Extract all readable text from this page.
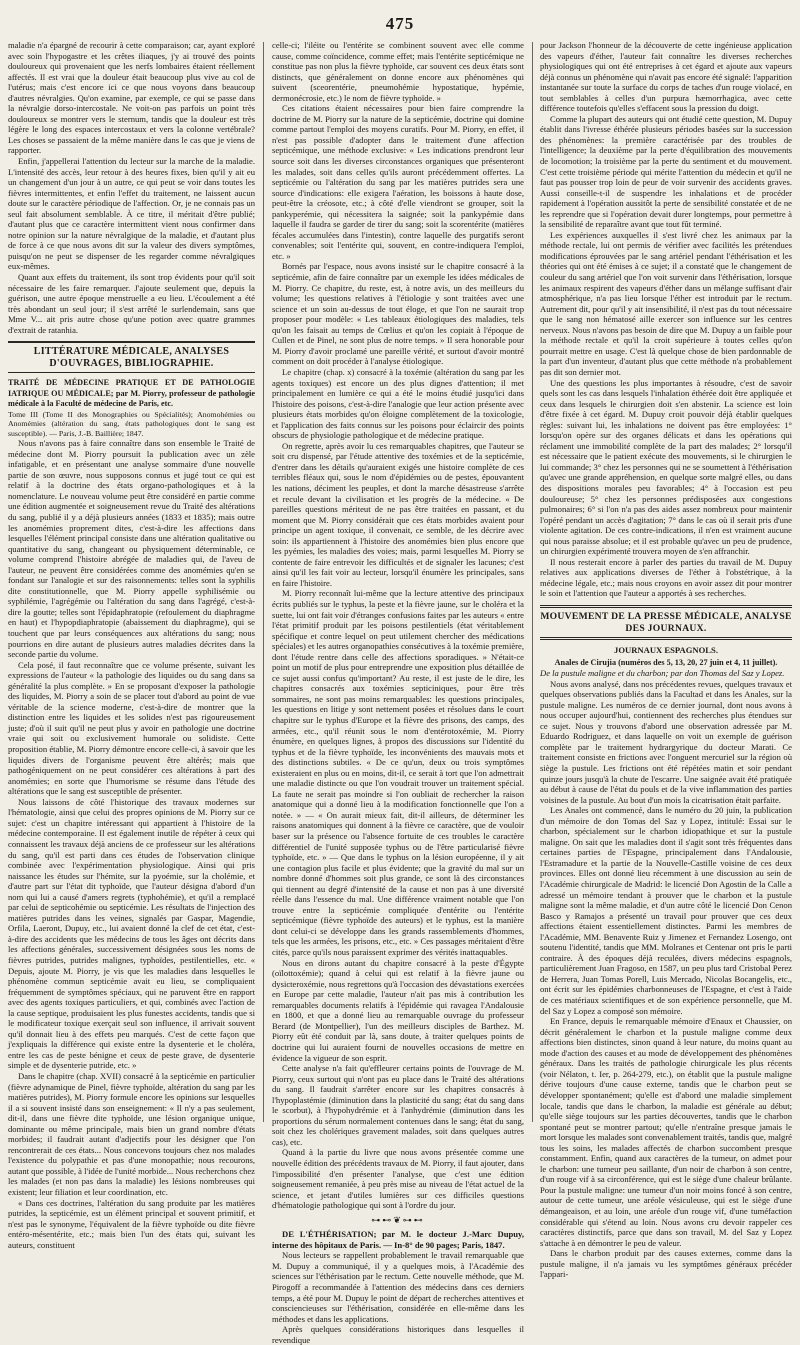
475

maladie n'a épargné de recourir à cette comparaison; car, ayant exploré avec soin l'hypogastre et les crêtes iliaques, j'y ai trouvé des points douloureux qui provenaient que les nerfs lombaires étaient réellement affectés. Il est vrai que la douleur était beaucoup plus vive au col de l'utérus; mais c'est encore ici ce que nous voyons dans beaucoup d'autres névralgies. Qu'on examine, par exemple, ce qui se passe dans la névralgie dorso-intercostale. Ne voit-on pas parfois un point très douloureux se montrer vers le sternum, tandis que la douleur est très légère le long des espaces intercostaux et vers la colonne vertébrale? Les choses se passaient de la même manière dans le cas que je viens de rapporter.

Enfin, j'appellerai l'attention du lecteur sur la marche de la maladie. L'intensité des accès, leur retour à des heures fixes, bien qu'il y ait eu un changement d'un jour à un autre, ce qui peut se voir dans toutes les fièvres intermittentes, et enfin l'effet du traitement, ne laissent aucun doute sur le caractère périodique de l'affection. Or, je ne connais pas un seul fait absolument semblable. À ce titre, il méritait d'être publié; d'autant plus que ce caractère intermittent vient nous confirmer dans notre opinion sur la nature névralgique de la maladie, et d'autant plus de force à ce que nous avons dit sur la valeur des divers symptômes, puisqu'on ne peut se dispenser de les regarder comme névralgiques eux-mêmes.

Quant aux effets du traitement, ils sont trop évidents pour qu'il soit nécessaire de les faire remarquer. J'ajoute seulement que, depuis la guérison, une autre époque menstruelle a eu lieu. L'écoulement a été très abondant un seul jour; il s'est arrêté le surlendemain, sans que Mme V... ait pris autre chose qu'une potion avec quatre grammes d'extrait de ratanhia.

LITTÉRATURE MÉDICALE, ANALYSES D'OUVRAGES, BIBLIOGRAPHIE.

TRAITÉ DE MÉDECINE PRATIQUE ET DE PATHOLOGIE IATRIQUE OU MÉDICALE; par M. Piorry, professeur de pathologie médicale à la Faculté de médecine de Paris, etc.

Tome III (Tome II des Monographies ou Spécialités); Anomohémies ou Anomémies (altération du sang, états pathologiques dont le sang est susceptible). — Paris, J.-B. Baillière; 1847.

Nous n'avons pas à faire connaître dans son ensemble le Traité de médecine dont M. Piorry poursuit la publication avec un zèle infatigable, et en présentant une analyse sommaire d'une nouvelle partie de son œuvre, nous supposons connus et jugé tout ce qui est relatif à la doctrine des états organo-pathologiques et à la nomenclature. Le nouveau volume peut être considéré en partie comme une édition augmentée et soigneusement revue du Traité des altérations du sang, publié il y a déjà plusieurs années (1833 et 1835); mais outre les anomémies proprement dites, c'est-à-dire les affections dans lesquelles l'élément principal consiste dans une altération qualitative ou quantitative du sang, changeant ou physiquement déterminable, ce volume comprend l'histoire abrégée de maladies qui, de l'aveu de l'auteur, ne peuvent être considérées comme des anomémies qu'en se fondant sur l'analogie et sur des raisonnements: telles sont la syphilis dite constitutionnelle, que M. Piorry appelle syphilisémie ou syphilémie, l'agrégémie ou l'altération du sang dans l'agrégé, c'est-à-dire la goutte; telles sont l'épidaphratopie (refoulement du diaphragme en haut) et l'hypopdiaphratopie (abaissement du diaphragme), qui se touchent que par leurs conséquences aux altérations du sang; nous pourrions en dire autant de plusieurs autres maladies décrites dans la seconde partie du volume.

Cela posé, il faut reconnaître que ce volume présente, suivant les expressions de l'auteur « la pathologie des liquides ou du sang dans sa généralité la plus complète. » En se proposant d'exposer la pathologie des liquides, M. Piorry a soin de se placer tout d'abord au point de vue véritable de la science moderne, c'est-à-dire de montrer que la distinction entre les liquides et les solides n'est pas rigoureusement juste; d'où il suit qu'il ne peut plus y avoir en pathologie une doctrine vraie qui soit ou exclusivement humorale ou solidiste. Cette proposition établie, M. Piorry démontre encore celle-ci, à savoir que les liquides divers de l'organisme peuvent être altérés; mais que pathogéniquement on ne peut considérer ces altérations à part des anomémies; en sorte que l'humorisme se résume dans l'étude des altérations que le sang est susceptible de présenter.

Nous laissons de côté l'historique des travaux modernes sur l'hématologie, ainsi que celui des propres opinions de M. Piorry sur ce sujet: c'est un chapitre intéressant qui appartient à l'histoire de la médecine contemporaine. Il est également inutile de répéter à ceux qui connaissent les travaux déjà anciens de ce professeur sur les altérations du sang, qu'il est parti dans ces études de l'observation clinique combinée avec l'expérimentation physiologique. Ainsi qui pris naissance les études sur l'hémite, sur la pyoémie, sur la cholémie, et d'autre part sur l'état dit typhoïde, que l'auteur désigna d'abord d'un nom qui lui a causé d'amers regrets (typhohémie), et qu'il a remplacé par celui de septicohémie ou septicémie. Les résultats de l'injection des matières putrides dans les veines, signalés par Gaspar, Magendie, Orfila, Laeront, Dupuy, etc., lui avaient donné la clef de cet état, c'est-à-dire des accidents que les médecins de tous les âges ont décrits dans les affections générales, successivement désignées sous les noms de fièvres putrides, putrides malignes, typhoïdes, pestilentielles, etc. « Depuis, ajoute M. Piorry, je vis que les maladies dans lesquelles le phénomène commun septicémie avait eu lieu, se compliquaient fréquemment de symptômes spéciaux, qui ne paruvent être en rapport avec des agents toxiques particuliers, et qui, combinés avec l'action de la cause septique, produisaient les plus funestes accidents, tandis que si le modificateur toxique exerçait seul son influence, il arrivait souvent qu'il donnait lieu à des effets peu marqués. C'est de cette façon que j'expliquais la différence qui existe entre la dysenterie et le choléra, entre les cas de peste bénigne et ceux de peste grave, de dysenterie simple et de dysenterie putride, etc. »

Dans le chapitre (chap. XVII) consacré à la septicémie en particulier (fièvre adynamique de Pinel, fièvre typhoïde, altération du sang par les matières putrides), M. Piorry formule encore les opinions sur lesquelles il a si souvent insisté dans son enseignement: « Il n'y a pas seulement, dit-il, dans une fièvre dite typhoïde, une lésion organique unique, dominante ou même principale, mais bien un grand nombre d'états morbides; il faudrait autant d'adjectifs pour les désigner que l'on rencontrerait de ces états... Nous concevons toujours chez nos malades l'existence du polypathie et pas d'une monopathie; nous recourons, autant que possible, à l'idée de l'unité morbide... Nous recherchons chez les malades (et non pas dans la maladie) les lésions nombreuses qui existent; leur filiation et leur coordination, etc.

« Dans ces doctrines, l'altération du sang produite par les matières putrides, la septicémie, est un élément principal et souvent primitif, et n'est pas le synonyme, l'équivalent de la fièvre typhoïde ou dite fièvre entéro-mésentérite, etc.; mais bien l'un des états qui, suivant les auteurs, constituent

celle-ci; l'iléite ou l'entérite se combinent souvent avec elle comme cause, comme coïncidence, comme effet; mais l'entérite septicémique ne constitue pas non plus la fièvre typhoïde, car souvent ces deux états sont distincts, que généralement on donne encore aux phénomènes qui suivent (sceorentérie, pneumohémie hypostatique, hypémie, dermonécrosie, etc.) le nom de fièvre typhoïde. »

Ces citations étaient nécessaires pour bien faire comprendre la doctrine de M. Piorry sur la nature de la septicémie, doctrine qui domine comme partout l'emploi des moyens curatifs. Pour M. Piorry, en effet, il n'est pas possible d'adopter dans le traitement d'une affection septicémique, une méthode exclusive: « Les indications prendront leur source soit dans les diverses circonstances organiques que présenteront les malades, soit dans celles qu'ils auront précédemment offertes. La septicémie ou l'altération du sang par les matières putrides sera une source d'indications: elle exigera l'aération, les boissons à haute dose, peut-être la créosote, etc.; à côté d'elle viendront se grouper, soit la pankyperémie, qui nécessitera la saignée; soit la pankypémie dans laquelle il faudra se garder de tirer du sang; soit la scorentérite (matières fécales accumulées dans l'intestin), contre laquelle des purgatifs seront convenables; soit l'entérite qui, souvent, en contre-indiquera l'emploi, etc. »

Bornés par l'espace, nous avons insisté sur le chapitre consacré à la septicémie, afin de faire connaître par un exemple les idées médicales de M. Piorry. Ce chapitre, du reste, est, à notre avis, un des meilleurs du volume; les questions relatives à l'étiologie y sont traitées avec une science et un soin au-dessus de tout éloge, et que l'on ne saurait trop proposer pour modèle: « Les tableaux étiologiques des maladies, tels qu'on les faisait au temps de Cœlius et qu'on les copiait à l'époque de Cullen et de Pinel, ne sont plus de notre temps. » Il sera honorable pour M. Piorry d'avoir proclamé une pareille vérité, et surtout d'avoir montré comment on doit procéder à l'analyse étiologique.

Le chapitre (chap. x) consacré à la toxémie (altération du sang par les agents toxiques) est encore un des plus dignes d'attention; il met principalement en lumière ce qui a été le moins étudié jusqu'ici dans l'histoire des poisons, c'est-à-dire l'analogie que leur action présente avec plusieurs états morbides qu'on éloigne complètement de la toxicologie, et l'application des faits connus sur les poisons pour éclaircir des points obscurs de physiologie pathologique et de médecine pratique.

On regrette, après avoir lu ces remarquables chapitres, que l'auteur se soit cru dispensé, par l'étude attentive des toxémies et de la septicémie, d'entrer dans les détails qu'auraient exigés une histoire complète de ces terribles fléaux qui, sous le nom d'épidémies ou de pestes, épouvantent les nations, déciment les peuples, et dont la marche désastreuse s'arrête et recule devant la civilisation et les progrès de la médecine. « De pareilles questions mériteut de ne pas être traitées en passant, et du moment que M. Piorry considérait que ces états morbides avaient pour principe un agent toxique, il convenait, ce semble, de les décrire avec soin: ils appartiennent à l'histoire des anomémies bien plus encore que les pyémies, les maladies des voies; mais, parmi lesquelles M. Piorry se contente de faire entrevoir les difficultés et de signaler les lacunes; c'est ainsi qu'il les fait voir au lecteur, lorsqu'il énumère les principales, sans en faire l'histoire.

M. Piorry reconnaît lui-même que la lecture attentive des principaux écrits publiés sur le typhus, la peste et la fièvre jaune, sur le choléra et la suette, lui ont fait voir d'étranges confusions faites par les auteurs « entre l'état primitif produit par les poisons pestilentiels (état véritablement spécifique et contre lequel on peut utilement chercher des médications spéciales) et les autres organopathies consécutives à la toxémie première, dont l'étude rentre dans celle des affections sporadiques. » N'était-ce point un motif de plus pour entreprendre une exposition plus détaillée de ce sujet aussi confus qu'important? Au reste, il est juste de le dire, les chapitres consacrés aux toxémies septiciniques, pour être très sommaires, ne sont pas moins remarquables: les questions principales, les questions en litige y sont nettement posées et résolues dans le court chapitre sur le typhus d'Europe et la fièvre des prisons, des camps, des armées, etc., qu'il réunit sous le nom d'entérotoxémie, M. Piorry énumère, en quelques lignes, à propos des discussions sur l'identité du typhus et de la fièvre typhoïde, les inconvénients des mauvais mots et des distinctions subtiles. « De ce qu'un, deux ou trois symptômes existeraient en plus ou en moins, dit-il, ce serait à tort que l'on admettrait une maladie distincte ou que l'on voudrait trouver un traitement spécial. La faute ne serait pas moindre si l'on oubliait de rechercher la raison anatomique qui a donné lieu à la modification fonctionnelle que l'on a notée. » — « On aurait mieux fait, dit-il ailleurs, de déterminer les raisons anatomiques qui donnent à la fièvre ce caractère, que de vouloir baser sur la présence ou l'absence fortuite de ces troubles le caractère différentiel de l'unité supposée typhus ou de l'être particularisé fièvre typhoïde, etc. » — Que dans le typhus on la lésion européenne, il y ait une contagion plus facile et plus évidente; que la gravité du mal sur un nombre donné d'hommes soit plus grande, ce sont là des circonstances qui tiennent au degré d'intensité de la cause et non pas à une diversité réelle dans l'essence du mal. Une différence vraiment notable que l'on trouve entre la septicémie compliquée d'entérite ou l'entérite septicémique (fièvre typhoïde des auteurs) et le typhus, est la manière dont celui-ci se développe dans les grands rassemblements d'hommes, tels que les armées, les prisons, etc., etc. » Ces passages méritaient d'être cités, parce qu'ils nous paraissent exprimer des vérités inattaquables.

Nous en dirons autant du chapitre consacré à la peste d'Égypte (oïlottoxémie); quand à celui qui est relatif à la fièvre jaune ou dysicteroxémie, nous regrettons qu'à l'occasion des dévastations exercées en Europe par cette maladie, l'auteur n'ait pas mis à contribution les remarquables documents relatifs à l'épidémie qui ravagea l'Andalousie en 1800, et que a donné lieu au remarquable ouvrage du professeur Berard (de Montpellier), l'un des meilleurs disciples de Barthez. M. Piorry eût été conduit par là, sans doute, à traiter quelques points de doctrine qui lui auraient fourni de nouvelles occasions de mettre en évidence la vigueur de son esprit.

Cette analyse n'a fait qu'effleurer certains points de l'ouvrage de M. Piorry, ceux surtout qui n'ont pas eu place dans le Traité des altérations du sang. Il faudrait s'arrêter encore sur les chapitres consacrés à l'hypoplastémie (diminution dans la plasticité du sang; état du sang dans le scorbut), à l'hypohydrémie et à l'anhydrémie (diminution dans les proportions du sérum normalement contenues dans le sang; état du sang, soit chez les cholériques gravement malades, soit dans quelques autres cas), etc.

Quand à la partie du livre que nous avons présentée comme une nouvelle édition des précédents travaux de M. Piorry, il faut ajouter, dans l'impossibilité d'en présenter l'analyse, que c'est une édition soigneusement remaniée, à peu près mise au niveau de l'état actuel de la science, et jetant d'utiles lumières sur ces difficiles questions d'hématologie pathologique qui sont à l'ordre du jour.

⊶⊷❦⊶⊷

DE L'ÉTHÉRISATION; par M. le docteur J.-Marc Dupuy, interne des hôpitaux de Paris. — In-8° de 90 pages; Paris, 1847.

Nous lecteurs se rappellent probablement le travail remarquable que M. Dupuy a communiqué, il y a quelques mois, à l'Académie des sciences sur l'éthérisation par le rectum. Cette nouvelle méthode, que M. Pirogoff a recommandée à l'attention des médecins dans ces derniers temps, a été pour M. Dupuy le point de départ de recherches attentives et consciencieuses sur l'éthérisation, considérée en elle-même dans les méthodes et dans les applications.

Après quelques considérations historiques dans lesquelles il revendique

pour Jackson l'honneur de la découverte de cette ingénieuse application des vapeurs d'éther, l'auteur fait connaître les diverses recherches physiologiques qui ont été entreprises à cet égard et ajoute aux vapeurs déjà connus un phénomène qui n'avait pas encore été signalé: l'apparition instantanée sur toute la surface du corps de taches d'un rouge violacé, en tout semblables à celles d'un purpura hæmorrhagica, avec cette différence toutefois qu'elles s'effacent sous la pression du doigt.

Comme la plupart des auteurs qui ont étudié cette question, M. Dupuy établit dans l'ivresse éthérée plusieurs périodes basées sur la succession des phénomènes: la première caractérisée par des troubles de l'intelligence; la deuxième par la perte d'équilibration des mouvements de locomotion; la troisième par la perte du sentiment et du mouvement. C'est cette troisième période qui mérite l'attention du médecin et qu'il ne faut pas pousser trop loin de peur de voir survenir des accidents graves. Aussi conseille-t-il de suspendre les inhalations et de procéder rapidement à l'opération aussitôt la perte de sensibilité constatée et de ne les reprendre que si l'opération devait durer longtemps, pour permettre à la sensibilité de reparaître avant que tout fût terminé.

Les expériences auxquelles il s'est livré chez les animaux par la méthode rectale, lui ont permis de vérifier avec facilités les prétendues modifications éprouvées par le sang artériel pendant l'éthérisation et les théories qui ont été émises à ce sujet; il a constaté que le changement de couleur du sang artériel que l'on voit survenir dans l'éthérisation, lorsque les animaux respirent des vapeurs d'éther dans un mélange suffisant d'air atmosphérique, n'a pas lieu lorsque l'éther est introduit par le rectum. Autrement dit, pour qu'il y ait insensibilité, il n'est pas du tout nécessaire que le sang non hématosé aille exercer son influence sur les centres nerveux. Nous n'avons pas besoin de dire que M. Dupuy a un faible pour la méthode rectale et qu'il la croit supérieure à toutes celles qu'on pourrait mettre en usage. C'est là quelque chose de bien pardonnable de la part d'un inventeur, d'autant plus que cette méthode n'a probablement pas dit son dernier mot.

Une des questions les plus importantes à résoudre, c'est de savoir quels sont les cas dans lesquels l'inhalation éthérée doit être appliquée et ceux dans lesquels le chirurgien doit s'en abstenir. La science est loin d'être fixée à cet égard. M. Dupuy croit pouvoir déjà établir quelques règles: suivant lui, les inhalations ne doivent pas être employées: 1° lorsqu'on opère sur des organes délicats et dans les opérations qui réclament une immobilité complète de la part des malades; 2° lorsqu'il est nécessaire que le patient exécute des mouvements, si le chirurgien le lui commande; 3° chez les personnes qui ne se soumettent à l'éthérisation qu'avec une grande appréhension, en quelque sorte malgré elles, ou dans des dispositions morales peu favorables; 4° à l'occasion est peu douloureuse; 5° chez les personnes prédisposées aux congestions pulmonaires; 6° si l'on n'a pas des aides assez nombreux pour maintenir l'opéré pendant un accès d'agitation; 7° dans le cas où il serait pris d'une violente agitation. De ces contre-indications, il n'en est vraiment aucune qui nous paraisse absolue; et il est probable qu'avec un peu de prudence, un chirurgien expérimenté trouvera moyen de s'en affranchir.

Il nous resterait encore à parler des parties du travail de M. Dupuy relatives aux applications diverses de l'éther à l'obstétrique, à la médecine légale, etc.; mais nous croyons en avoir assez dit pour montrer le soin et l'attention que l'auteur a apportés à ses recherches.

MOUVEMENT DE LA PRESSE MÉDICALE, ANALYSE DES JOURNAUX.
JOURNAUX ESPAGNOLS.

Anales de Cirujia (numéros des 5, 13, 20, 27 juin et 4, 11 juillet).

De la pustule maligne et du charbon; par don Thomas del Saz y Lopez.

Nous avons analysé, dans nos précédentes revues, quelques travaux et quelques observations publiés dans la Facultad et dans les Anales, sur la pustule maligne. Les numéros de ce dernier journal, dont nous avons à nous occuper aujourd'hui, contiennent des recherches plus étendues sur ce sujet. Nous y trouvons d'abord une observation adressée par M. Eduardo Rodriguez, et dans laquelle on voit un exemple de guérison complète par le traitement hydrargyrique du docteur Marati. Ce traitement consiste en frictions avec l'onguent mercuriel sur la région où siège la pustule. Les frictions ont été répétées matin et soir pendant quinze jours jusqu'à la chute de l'escarre. Une saignée avait été pratiquée au début à cause de l'état du pouls et de la vive inflammation des parties voisines de la pustule. Au bout d'un mois la cicatrisation était parfaite.

Les Anales ont commencé, dans le numéro du 20 juin, la publication d'un mémoire de don Tomas del Saz y Lopez, intitulé: Essai sur le charbon, spécialement sur le charbon idiopathique et sur la pustule maligne. On sait que les maladies dont il s'agit sont très fréquentes dans certaines parties de l'Espagne, principalement dans l'Andalousie, l'Estramadure et la partie de la Nouvelle-Castille voisine de ces deux provinces. Elles ont donné lieu récemment à une discussion au sein de l'Académie chirurgicale de Madrid: le licencié Don Agostin de la Calle a adressé un mémoire tendant à prouver que le charbon et la pustule maligne sont la même maladie, et d'un autre côté le licencié Don Cenon Basco y Ramajos a présenté un travail pour prouver que ces deux affections étaient essentiellement distinctes. Parmi les membres de l'Académie, MM. Benavente Ruiz y Jimenez et Fernandez Losengo, ont soutenu l'identité, tandis que MM. Molranes et Centenar ont pris le parti contraire. À des époques déjà reculées, divers médecins espagnols, particulièrement Juan Fragoso, en 1587, un peu plus tard Cristobal Perez de Herrera, Juan Tomas Porell, Luis Mercado, Nicolas Bocangelis, etc., ont écrit sur les épidémies charbonneuses de l'Espagne, et c'est à l'aide de ces matériaux scientifiques et de son expérience personnelle, que M. del Saz y Lopez a composé son mémoire.

En France, depuis le remarquable mémoire d'Enaux et Chaussier, on décrit généralement le charbon et la pustule maligne comme deux affections bien distinctes, sinon quand à leur nature, du moins quant au mode d'action des causes et au mode de développement des phénomènes généraux. Dans les traités de pathologie chirurgicale les plus récents (voir Nélaton, t. Ier, p. 264-279, etc.), on établit que la pustule maligne dérive toujours d'une cause externe, tandis que le charbon peut se développer spontanément; qu'elle est d'abord une maladie simplement locale, tandis que dans le charbon, la maladie est générale au début; qu'elle siège toujours sur les parties découvertes, tandis que le charbon spontané peut se montrer partout; qu'elle n'entraîne presque jamais le mort lorsque les malades sont convenablement traités, tandis que, malgré tous les soins, les malades affectés de charbon succombent presque constamment. Enfin, quand aux caractères de la tumeur, on admet pour le charbon: une tumeur peu saillante, d'un noir de charbon à son centre, d'un rouge vif à sa circonférence, qui est le siège d'une chaleur brûlante. Pour la pustule maligne: une tumeur d'un noir moins foncé à son centre, autour de cette tumeur, une aréole vésiculeuse, qui est le siège d'une démangeaison, et au loin, une aréole d'un rouge vif, d'une tuméfaction considérable qui s'étend au loin. Nous avons cru devoir rappeler ces caractères distinctifs, parce que dans son travail, M. del Saz y Lopez s'attache à en démontrer le peu de valeur.

Dans le charbon produit par des causes externes, comme dans la pustule maligne, il n'a jamais vu les symptômes généraux précéder l'appari-
